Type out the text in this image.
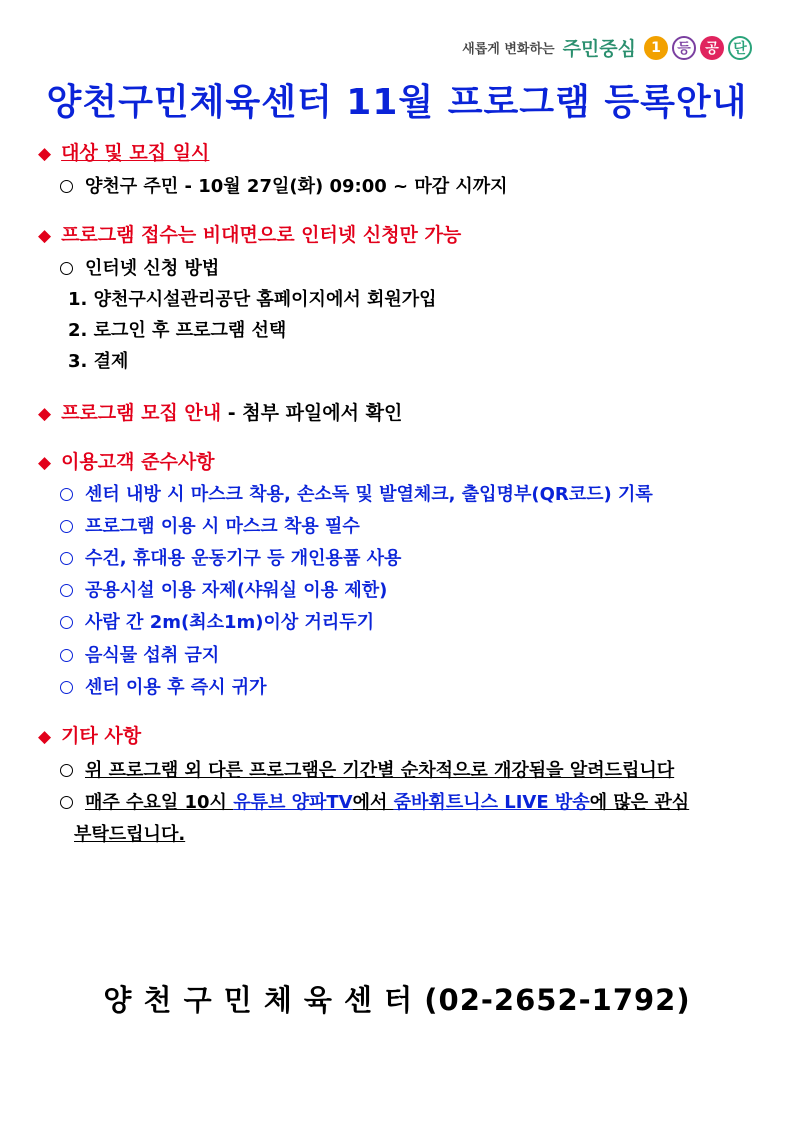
새롭게 변화하는 주민중심	1	등	공	단
양천구민체육센터 11월 프로그램 등록안내
◆ 대상 및 모집 일시
양천구 주민 - 10월 27일(화) 09:00 ~ 마감 시까지
◆ 프로그램 접수는 비대면으로 인터넷 신청만 가능
인터넷 신청 방법
1. 양천구시설관리공단 홈페이지에서 회원가입
2. 로그인 후 프로그램 선택
3. 결제
◆ 프로그램 모집 안내 - 첨부 파일에서 확인
◆ 이용고객 준수사항
센터 내방 시 마스크 착용, 손소독 및 발열체크, 출입명부(QR코드) 기록
프로그램 이용 시 마스크 착용 필수
수건, 휴대용 운동기구 등 개인용품 사용
공용시설 이용 자제(샤워실 이용 제한)
사람 간 2m(최소1m)이상 거리두기
음식물 섭취 금지
센터 이용 후 즉시 귀가
◆ 기타 사항
위 프로그램 외 다른 프로그램은 기간별 순차적으로 개강됨을 알려드립니다
매주 수요일 10시 유튜브 양파TV에서 줌바휘트니스 LIVE 방송에 많은 관심
부탁드립니다.
양 천 구 민 체 육 센 터 (02-2652-1792)
